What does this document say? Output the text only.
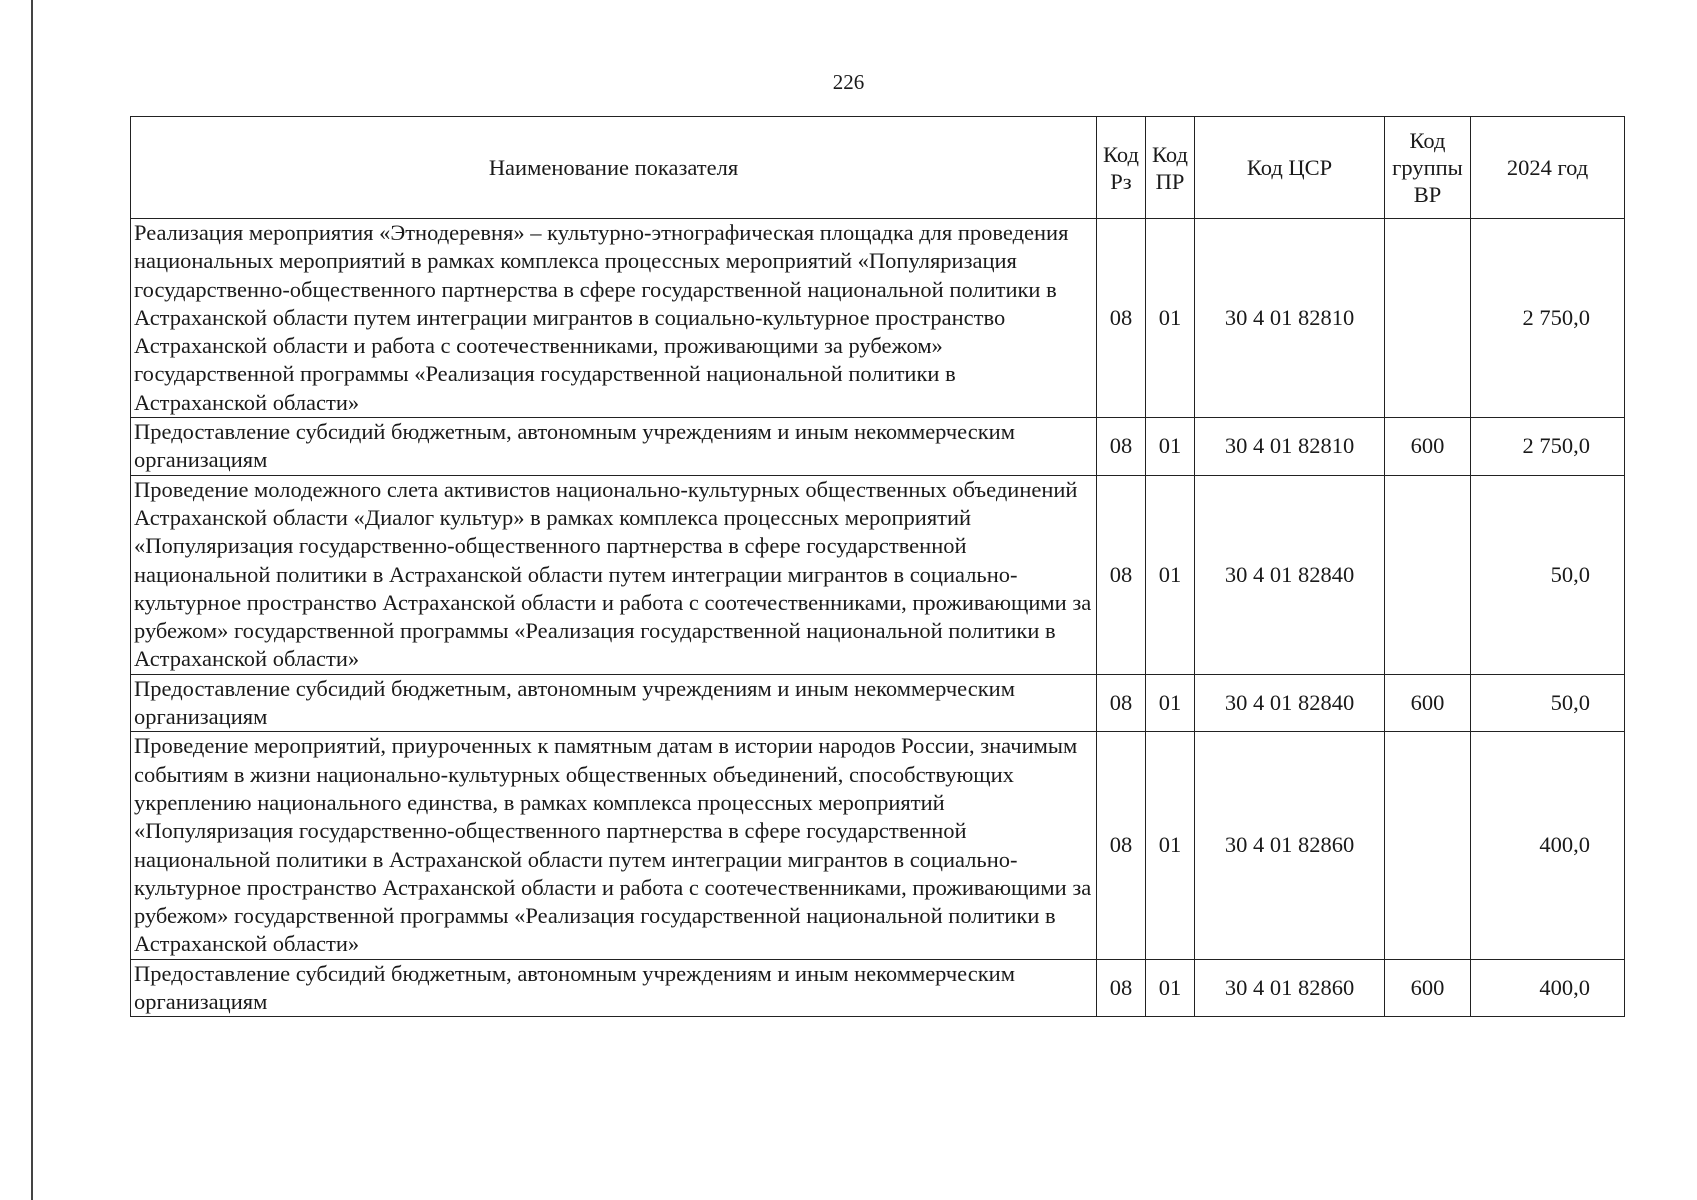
226
Наименование показателя	Код Рз	Код ПР	Код ЦСР	Код группы ВР	2024 год
Реализация мероприятия «Этнодеревня» – культурно-этнографическая площадка для проведения национальных мероприятий в рамках комплекса процессных мероприятий «Популяризация государственно-общественного партнерства в сфере государственной национальной политики в Астраханской области путем интеграции мигрантов в социально-культурное пространство Астраханской области и работа с соотечественниками, проживающими за рубежом» государственной программы «Реализация государственной национальной политики в Астраханской области»	08	01	30 4 01 82810		2 750,0
Предоставление субсидий бюджетным, автономным учреждениям и иным некоммерческим организациям	08	01	30 4 01 82810	600	2 750,0
Проведение молодежного слета активистов национально-культурных общественных объединений Астраханской области «Диалог культур» в рамках комплекса процессных мероприятий «Популяризация государственно-общественного партнерства в сфере государственной национальной политики в Астраханской области путем интеграции мигрантов в социально-культурное пространство Астраханской области и работа с соотечественниками, проживающими за рубежом» государственной программы «Реализация государственной национальной политики в Астраханской области»	08	01	30 4 01 82840		50,0
Предоставление субсидий бюджетным, автономным учреждениям и иным некоммерческим организациям	08	01	30 4 01 82840	600	50,0
Проведение мероприятий, приуроченных к памятным датам в истории народов России, значимым событиям в жизни национально-культурных общественных объединений, способствующих укреплению национального единства, в рамках комплекса процессных мероприятий «Популяризация государственно-общественного партнерства в сфере государственной национальной политики в Астраханской области путем интеграции мигрантов в социально-культурное пространство Астраханской области и работа с соотечественниками, проживающими за рубежом» государственной программы «Реализация государственной национальной политики в Астраханской области»	08	01	30 4 01 82860		400,0
Предоставление субсидий бюджетным, автономным учреждениям и иным некоммерческим организациям	08	01	30 4 01 82860	600	400,0
